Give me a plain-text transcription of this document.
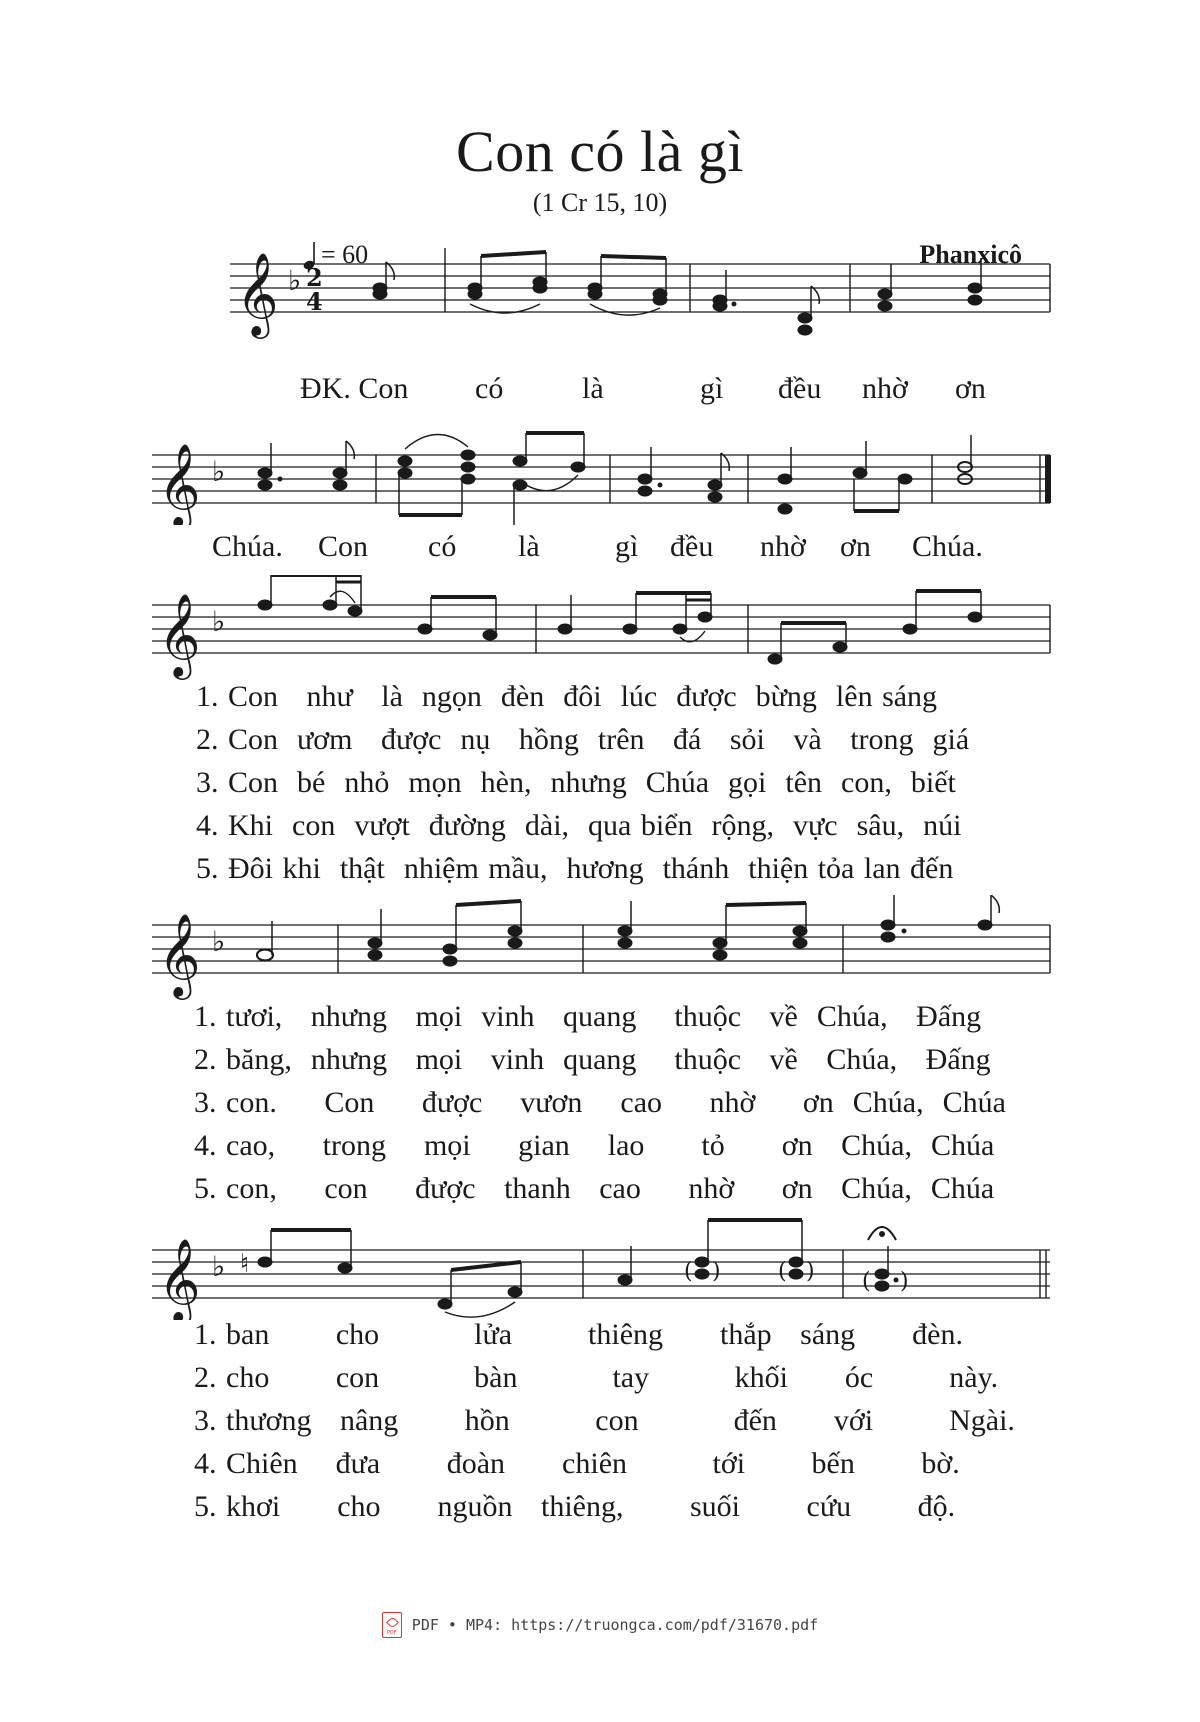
Con có là gì
(1 Cr 15, 10)
= 60	Phanxicô
𝄞 ♭ 2
4
ĐK. Con có	là	gì đều nhờ ơn
𝄞 ♭
Chúa. Con có là	gì đều nhờ ơn Chúa.
𝄞 ♭
1. Con   như   là  ngọn  đèn  đôi  lúc  được  bừng  lên sáng
2. Con  ươm   được  nụ   hồng  trên   đá   sỏi   và   trong  giá
3. Con  bé  nhỏ  mọn  hèn,  nhưng  Chúa  gọi  tên  con,  biết
4. Khi  con  vượt  đường  dài,  qua biển  rộng,  vực  sâu,  núi
5. Đôi khi  thật  nhiệm mầu,  hương  thánh  thiện tỏa lan đến
𝄞 ♭
1. tươi,   nhưng   mọi  vinh   quang    thuộc   về  Chúa,   Đấng
2. băng,  nhưng   mọi   vinh  quang    thuộc   về   Chúa,   Đấng
3. con.     Con     được    vươn    cao     nhờ     ơn  Chúa,  Chúa
4. cao,     trong    mọi     gian    lao      tỏ      ơn   Chúa,  Chúa
5. con,     con     được   thanh   cao     nhờ     ơn   Chúa,  Chúa
𝄞 ♭ ♮	( )	( ) ( )
1. ban       cho          lửa        thiêng      thắp   sáng      đèn.
2. cho       con          bàn          tay         khối      óc        này.
3. thương   nâng       hồn         con          đến      với        Ngài.
4. Chiên    đưa       đoàn      chiên         tới       bến       bờ.
5. khơi      cho      nguồn   thiêng,       suối       cứu       độ.
PDF
PDF • MP4: https://truongca.com/pdf/31670.pdf
